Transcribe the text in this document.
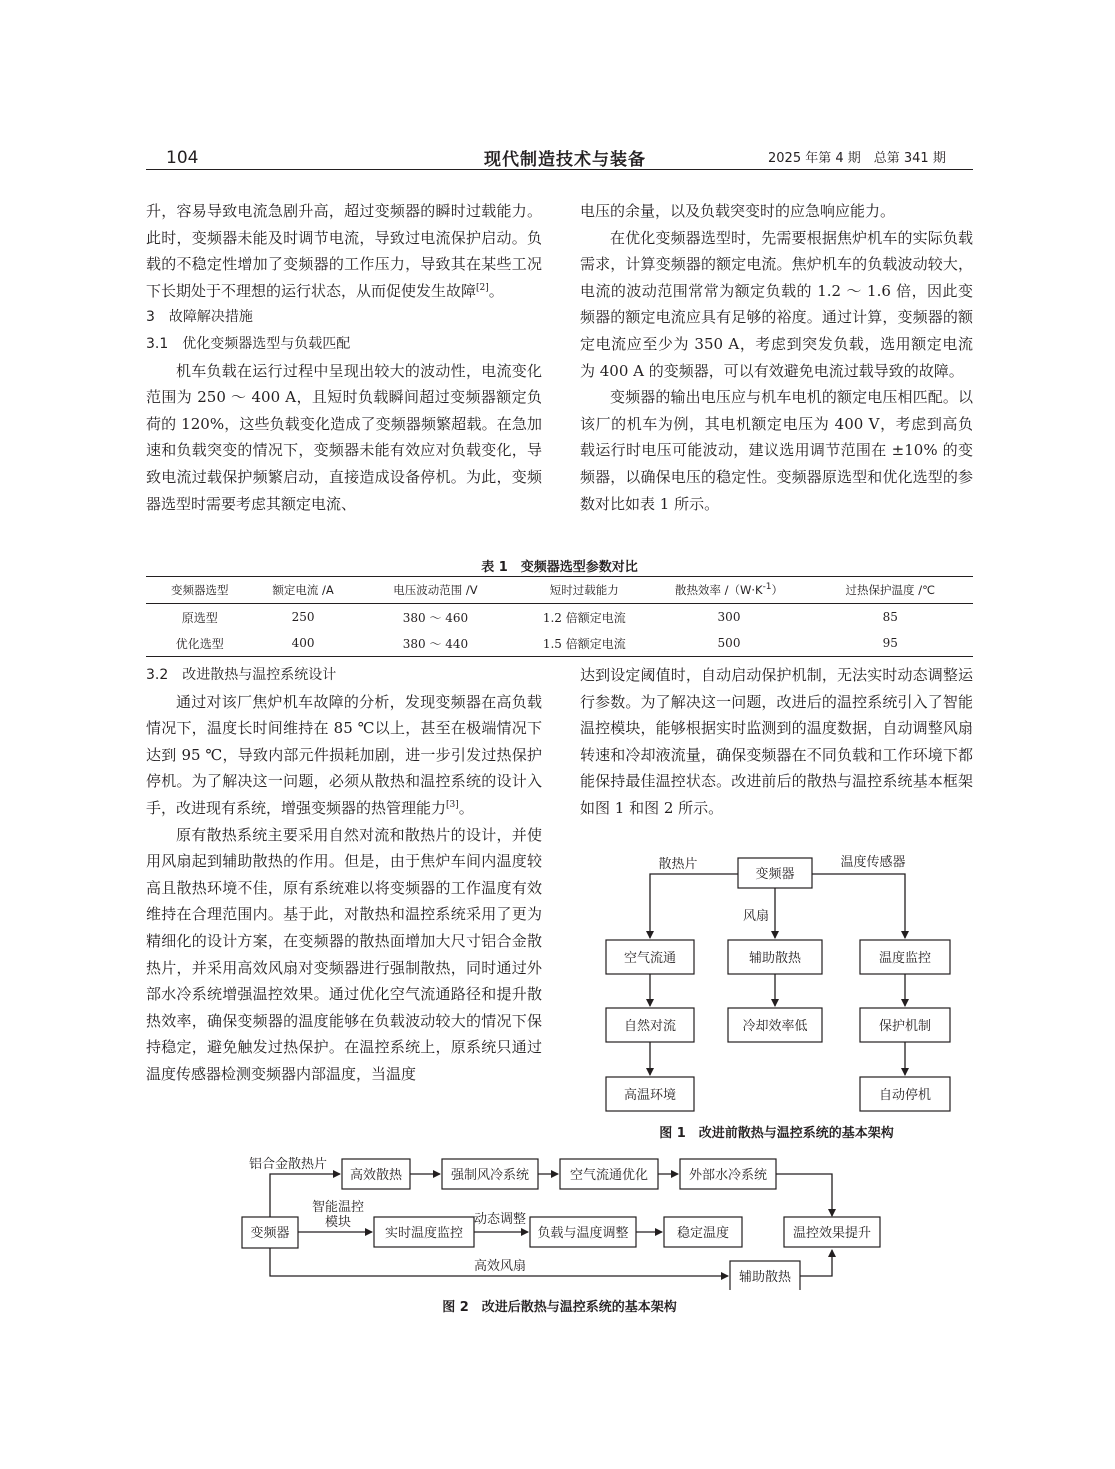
104	现代制造技术与装备	2025 年第 4 期　总第 341 期

升，容易导致电流急剧升高，超过变频器的瞬时过载能力。此时，变频器未能及时调节电流，导致过电流保护启动。负载的不稳定性增加了变频器的工作压力，导致其在某些工况下长期处于不理想的运行状态，从而促使发生故障[2]。

3　故障解决措施

3.1　优化变频器选型与负载匹配

机车负载在运行过程中呈现出较大的波动性，电流变化范围为 250 ～ 400 A，且短时负载瞬间超过变频器额定负荷的 120%，这些负载变化造成了变频器频繁超载。在急加速和负载突变的情况下，变频器未能有效应对负载变化，导致电流过载保护频繁启动，直接造成设备停机。为此，变频器选型时需要考虑其额定电流、

电压的余量，以及负载突变时的应急响应能力。

在优化变频器选型时，先需要根据焦炉机车的实际负载需求，计算变频器的额定电流。焦炉机车的负载波动较大，电流的波动范围常常为额定负载的 1.2 ～ 1.6 倍，因此变频器的额定电流应具有足够的裕度。通过计算，变频器的额定电流应至少为 350 A，考虑到突发负载，选用额定电流为 400 A 的变频器，可以有效避免电流过载导致的故障。

变频器的输出电压应与机车电机的额定电压相匹配。以该厂的机车为例，其电机额定电压为 400 V，考虑到高负载运行时电压可能波动，建议选用调节范围在 ±10% 的变频器，以确保电压的稳定性。变频器原选型和优化选型的参数对比如表 1 所示。

表 1　变频器选型参数对比
变频器选型	额定电流 /A	电压波动范围 /V	短时过载能力	散热效率 $/(W\cdot K^{-1})$	过热保护温度 /℃
原选型	250	380 ～ 460	1.2 倍额定电流	300	85
优化选型	400	380 ～ 440	1.5 倍额定电流	500	95

3.2　改进散热与温控系统设计

通过对该厂焦炉机车故障的分析，发现变频器在高负载情况下，温度长时间维持在 85 ℃以上，甚至在极端情况下达到 95 ℃，导致内部元件损耗加剧，进一步引发过热保护停机。为了解决这一问题，必须从散热和温控系统的设计入手，改进现有系统，增强变频器的热管理能力[3]。

原有散热系统主要采用自然对流和散热片的设计，并使用风扇起到辅助散热的作用。但是，由于焦炉车间内温度较高且散热环境不佳，原有系统难以将变频器的工作温度有效维持在合理范围内。基于此，对散热和温控系统采用了更为精细化的设计方案，在变频器的散热面增加大尺寸铝合金散热片，并采用高效风扇对变频器进行强制散热，同时通过外部水冷系统增强温控效果。通过优化空气流通路径和提升散热效率，确保变频器的温度能够在负载波动较大的情况下保持稳定，避免触发过热保护。在温控系统上，原系统只通过温度传感器检测变频器内部温度，当温度

达到设定阈值时，自动启动保护机制，无法实时动态调整运行参数。为了解决这一问题，改进后的温控系统引入了智能温控模块，能够根据实时监测到的温度数据，自动调整风扇转速和冷却液流量，确保变频器在不同负载和工作环境下都能保持最佳温控状态。改进前后的散热与温控系统基本框架如图 1 和图 2 所示。

变频器
空气流通	辅助散热	温度监控
自然对流	冷却效率低	保护机制
高温环境	自动停机
散热片
风扇
温度传感器
图 1　改进前散热与温控系统的基本架构
变频器
高效散热	强制风冷系统	空气流通优化	外部水冷系统
实时温度监控	负载与温度调整	稳定温度	温控效果提升
辅助散热
铝合金散热片
智能温控
模块	动态调整
高效风扇
图 2　改进后散热与温控系统的基本架构
